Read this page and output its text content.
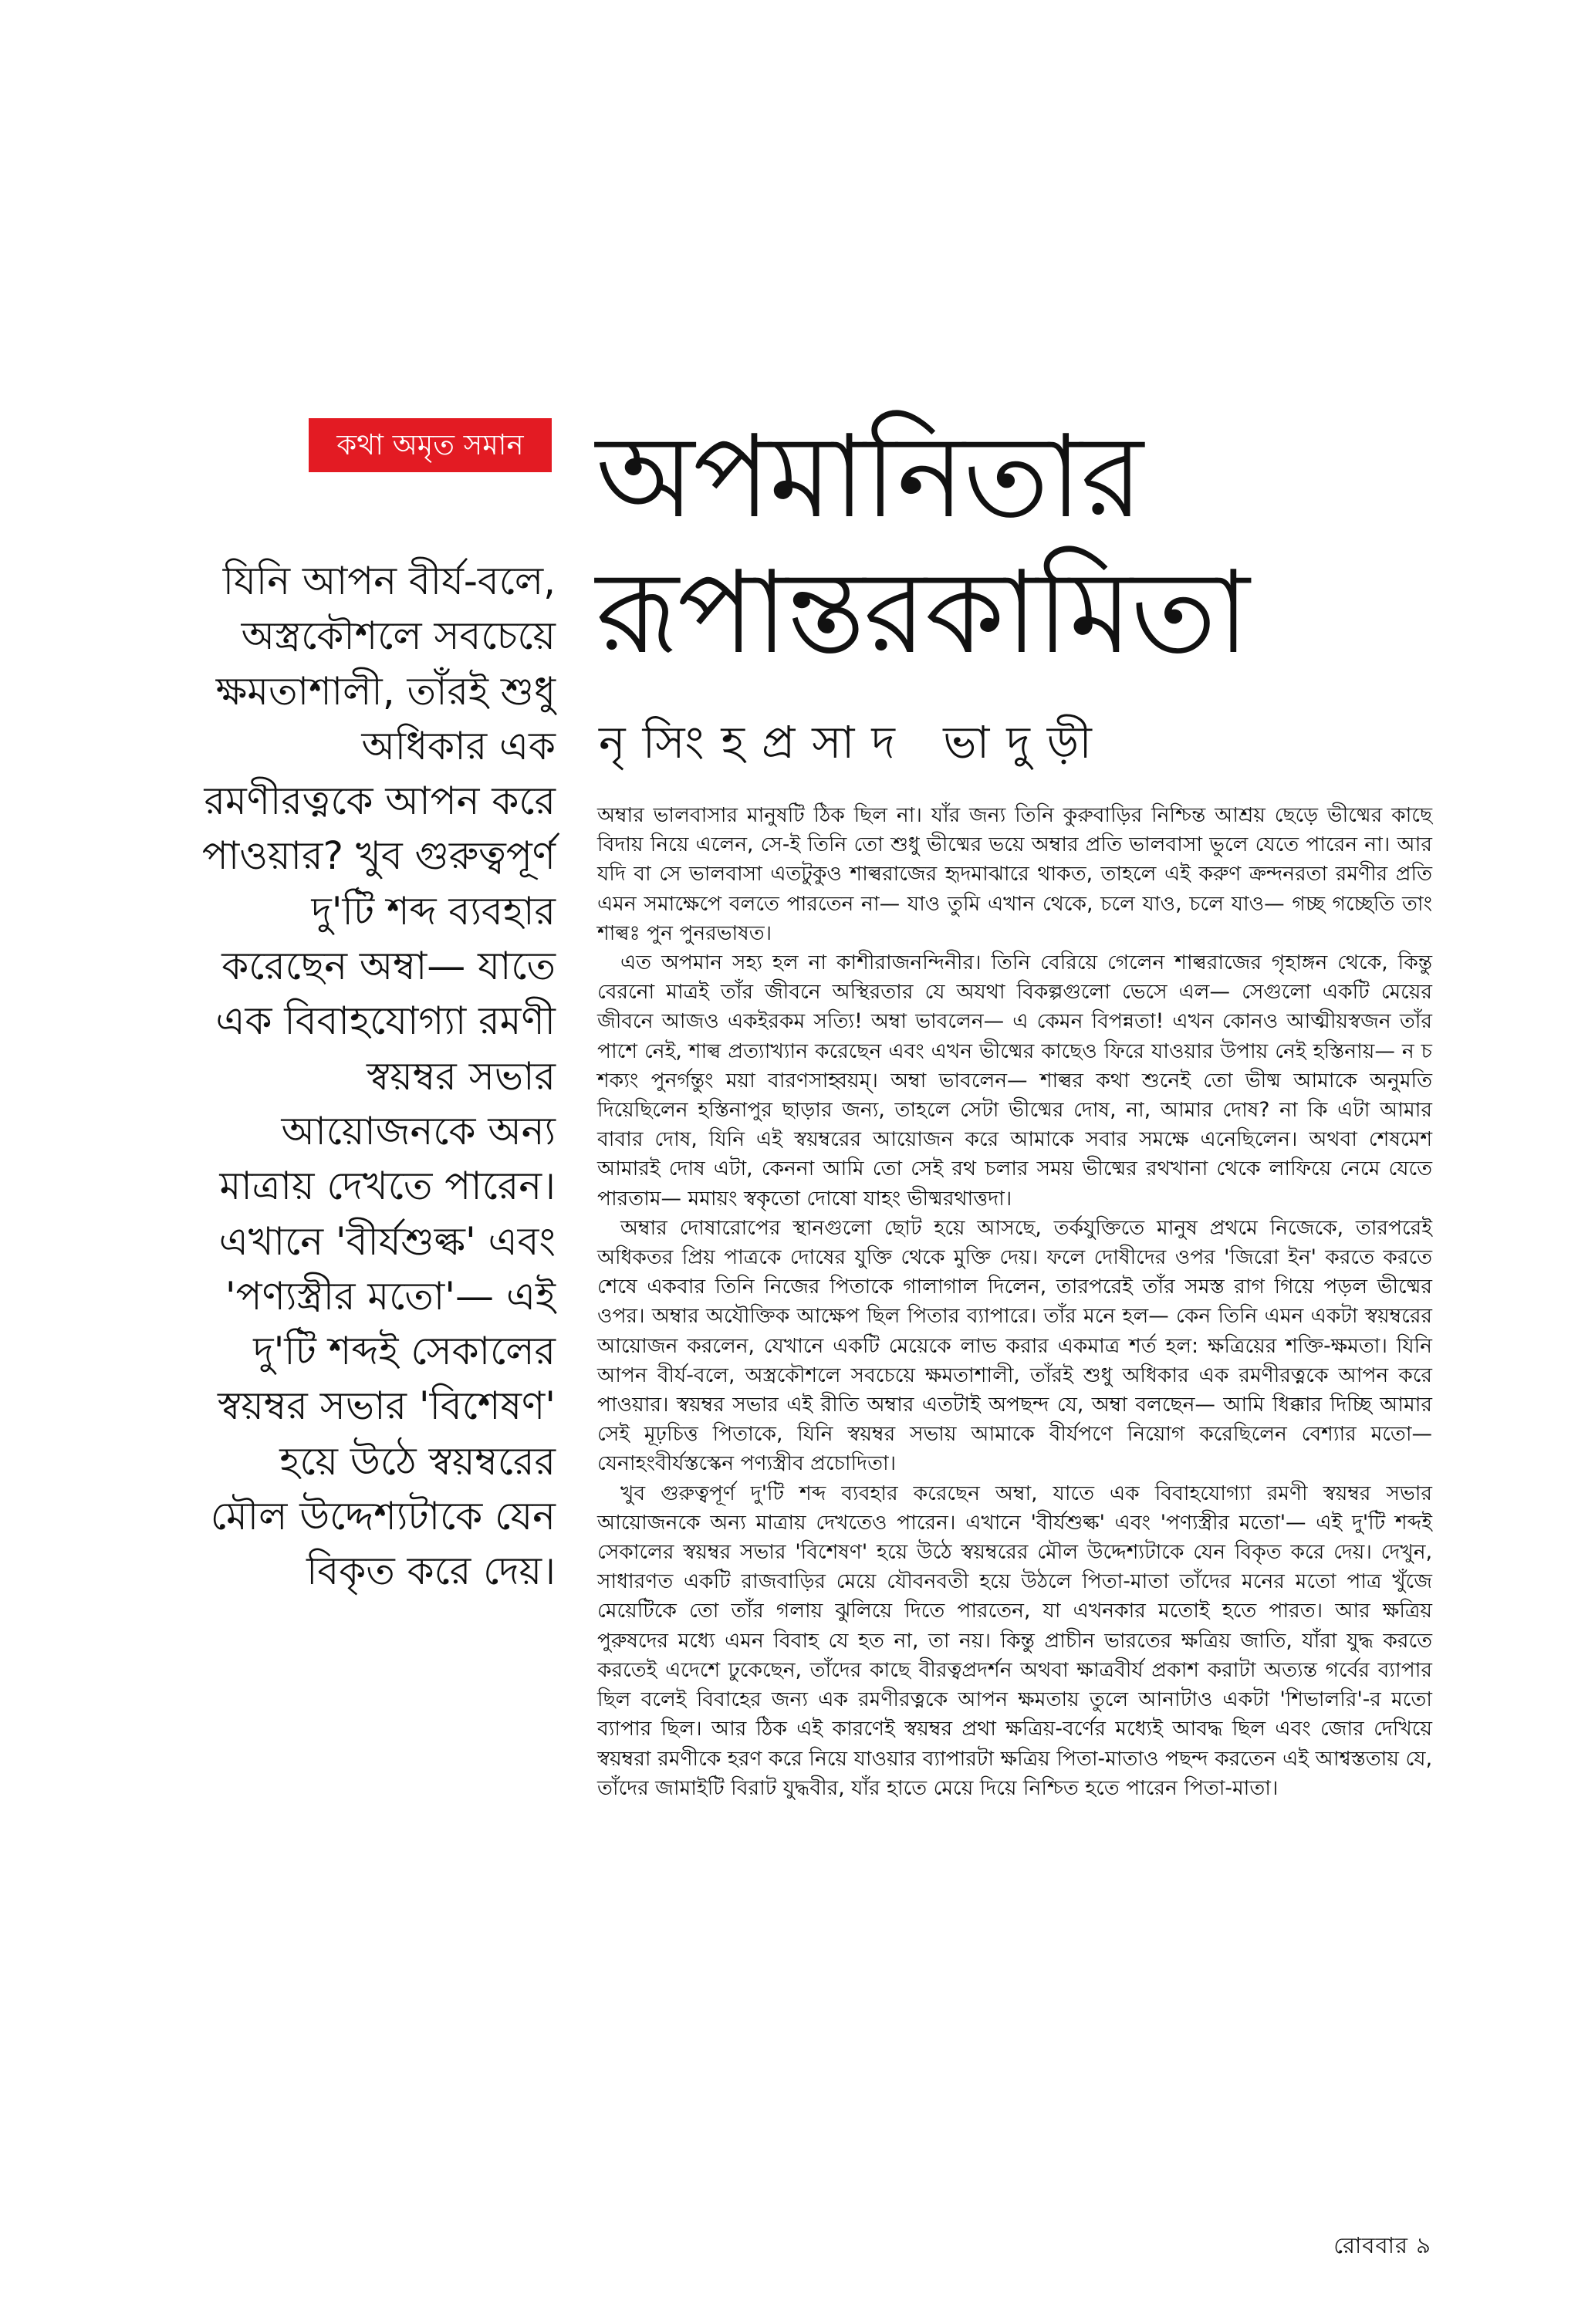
কথা অমৃত সমান অপমানিতার
রূপান্তরকামিতা
নৃসিংহপ্রসাদ ভাদুড়ী
যিনি আপন বীর্য-বলে,
অস্ত্রকৌশলে সবচেয়ে
ক্ষমতাশালী, তাঁরই শুধু
অধিকার এক
রমণীরত্নকে আপন করে
পাওয়ার? খুব গুরুত্বপূর্ণ
দু'টি শব্দ ব্যবহার
করেছেন অম্বা— যাতে
এক বিবাহযোগ্যা রমণী
স্বয়ম্বর সভার
আয়োজনকে অন্য
মাত্রায় দেখতে পারেন।
এখানে 'বীর্যশুল্ক' এবং
'পণ্যস্ত্রীর মতো'— এই
দু'টি শব্দই সেকালের
স্বয়ম্বর সভার 'বিশেষণ'
হয়ে উঠে স্বয়ম্বরের
মৌল উদ্দেশ্যটাকে যেন
বিকৃত করে দেয়।

অম্বার ভালবাসার মানুষটি ঠিক ছিল না। যাঁর জন্য তিনি কুরুবাড়ির নিশ্চিন্ত আশ্রয় ছেড়ে ভীষ্মের কাছে বিদায় নিয়ে এলেন, সে-ই তিনি তো শুধু ভীষ্মের ভয়ে অম্বার প্রতি ভালবাসা ভুলে যেতে পারেন না। আর যদি বা সে ভালবাসা এতটুকুও শাল্বরাজের হৃদমাঝারে থাকত, তাহলে এই করুণ ক্রন্দনরতা রমণীর প্রতি এমন সমাক্ষেপে বলতে পারতেন না— যাও তুমি এখান থেকে, চলে যাও, চলে যাও— গচ্ছ গচ্ছেতি তাং শাল্বঃ পুন পুনরভাষত।

এত অপমান সহ্য হল না কাশীরাজনন্দিনীর। তিনি বেরিয়ে গেলেন শাল্বরাজের গৃহাঙ্গন থেকে, কিন্তু বেরনো মাত্রই তাঁর জীবনে অস্থিরতার যে অযথা বিকল্পগুলো ভেসে এল— সেগুলো একটি মেয়ের জীবনে আজও একইরকম সত্যি! অম্বা ভাবলেন— এ কেমন বিপন্নতা! এখন কোনও আত্মীয়স্বজন তাঁর পাশে নেই, শাল্ব প্রত্যাখ্যান করেছেন এবং এখন ভীষ্মের কাছেও ফিরে যাওয়ার উপায় নেই হস্তিনায়— ন চ শক্যং পুনর্গন্তুং ময়া বারণসাহ্বয়ম্। অম্বা ভাবলেন— শাল্বর কথা শুনেই তো ভীষ্ম আমাকে অনুমতি দিয়েছিলেন হস্তিনাপুর ছাড়ার জন্য, তাহলে সেটা ভীষ্মের দোষ, না, আমার দোষ? না কি এটা আমার বাবার দোষ, যিনি এই স্বয়ম্বরের আয়োজন করে আমাকে সবার সমক্ষে এনেছিলেন। অথবা শেষমেশ আমারই দোষ এটা, কেননা আমি তো সেই রথ চলার সময় ভীষ্মের রথখানা থেকে লাফিয়ে নেমে যেতে পারতাম— মমায়ং স্বকৃতো দোষো যাহং ভীষ্মরথাত্তদা।

অম্বার দোষারোপের স্থানগুলো ছোট হয়ে আসছে, তর্কযুক্তিতে মানুষ প্রথমে নিজেকে, তারপরেই অধিকতর প্রিয় পাত্রকে দোষের যুক্তি থেকে মুক্তি দেয়। ফলে দোষীদের ওপর 'জিরো ইন' করতে করতে শেষে একবার তিনি নিজের পিতাকে গালাগাল দিলেন, তারপরেই তাঁর সমস্ত রাগ গিয়ে পড়ল ভীষ্মের ওপর। অম্বার অযৌক্তিক আক্ষেপ ছিল পিতার ব্যাপারে। তাঁর মনে হল— কেন তিনি এমন একটা স্বয়ম্বরের আয়োজন করলেন, যেখানে একটি মেয়েকে লাভ করার একমাত্র শর্ত হল: ক্ষত্রিয়ের শক্তি-ক্ষমতা। যিনি আপন বীর্য-বলে, অস্ত্রকৌশলে সবচেয়ে ক্ষমতাশালী, তাঁরই শুধু অধিকার এক রমণীরত্নকে আপন করে পাওয়ার। স্বয়ম্বর সভার এই রীতি অম্বার এতটাই অপছন্দ যে, অম্বা বলছেন— আমি ধিক্কার দিচ্ছি আমার সেই মূঢ়চিত্ত পিতাকে, যিনি স্বয়ম্বর সভায় আমাকে বীর্যপণে নিয়োগ করেছিলেন বেশ্যার মতো— যেনাহংবীর্যস্তস্কেন পণ্যস্ত্রীব প্রচোদিতা।

খুব গুরুত্বপূর্ণ দু'টি শব্দ ব্যবহার করেছেন অম্বা, যাতে এক বিবাহযোগ্যা রমণী স্বয়ম্বর সভার আয়োজনকে অন্য মাত্রায় দেখতেও পারেন। এখানে 'বীর্যশুল্ক' এবং 'পণ্যস্ত্রীর মতো'— এই দু'টি শব্দই সেকালের স্বয়ম্বর সভার 'বিশেষণ' হয়ে উঠে স্বয়ম্বরের মৌল উদ্দেশ্যটাকে যেন বিকৃত করে দেয়। দেখুন, সাধারণত একটি রাজবাড়ির মেয়ে যৌবনবতী হয়ে উঠলে পিতা-মাতা তাঁদের মনের মতো পাত্র খুঁজে মেয়েটিকে তো তাঁর গলায় ঝুলিয়ে দিতে পারতেন, যা এখনকার মতোই হতে পারত। আর ক্ষত্রিয় পুরুষদের মধ্যে এমন বিবাহ যে হত না, তা নয়। কিন্তু প্রাচীন ভারতের ক্ষত্রিয় জাতি, যাঁরা যুদ্ধ করতে করতেই এদেশে ঢুকেছেন, তাঁদের কাছে বীরত্বপ্রদর্শন অথবা ক্ষাত্রবীর্য প্রকাশ করাটা অত্যন্ত গর্বের ব্যাপার ছিল বলেই বিবাহের জন্য এক রমণীরত্নকে আপন ক্ষমতায় তুলে আনাটাও একটা 'শিভালরি'-র মতো ব্যাপার ছিল। আর ঠিক এই কারণেই স্বয়ম্বর প্রথা ক্ষত্রিয়-বর্ণের মধ্যেই আবদ্ধ ছিল এবং জোর দেখিয়ে স্বয়ম্বরা রমণীকে হরণ করে নিয়ে যাওয়ার ব্যাপারটা ক্ষত্রিয় পিতা-মাতাও পছন্দ করতেন এই আশ্বস্ততায় যে, তাঁদের জামাইটি বিরাট যুদ্ধবীর, যাঁর হাতে মেয়ে দিয়ে নিশ্চিত হতে পারেন পিতা-মাতা।

রোববার ৯
